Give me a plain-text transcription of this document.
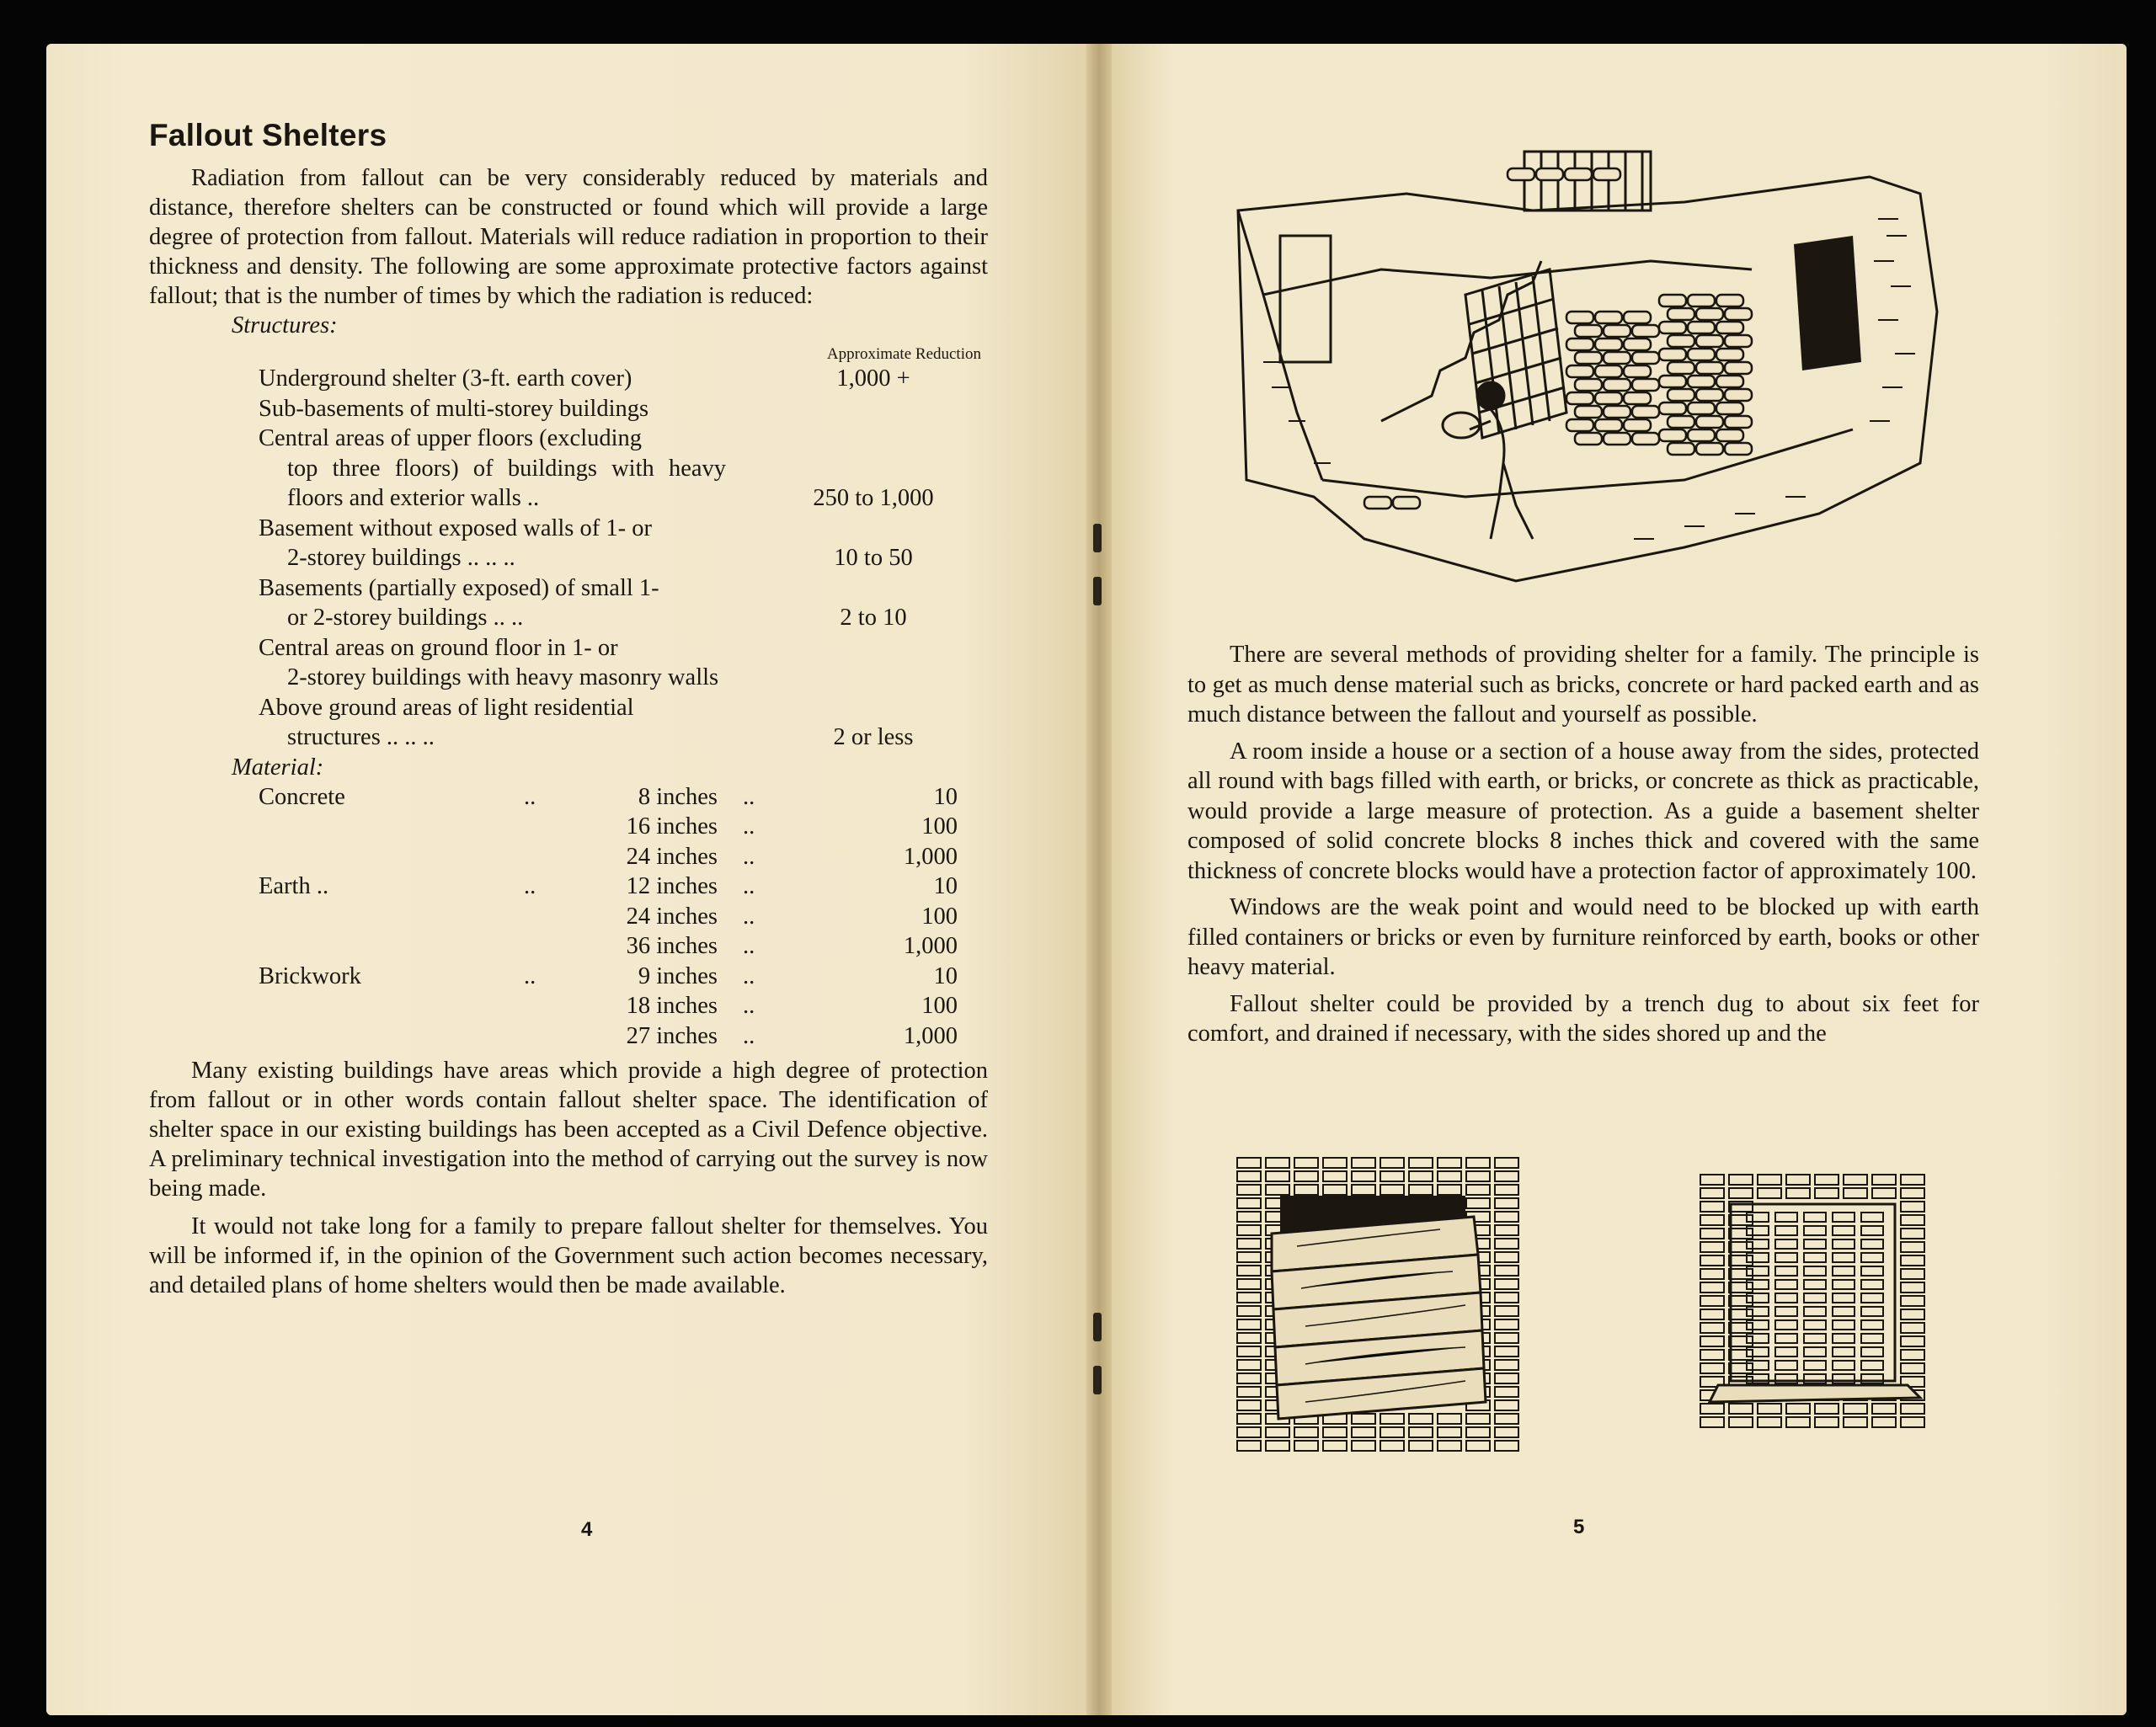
Fallout Shelters

Radiation from fallout can be very considerably reduced by materials and distance, therefore shelters can be constructed or found which will provide a large degree of protection from fallout. Materials will reduce radiation in proportion to their thickness and density. The following are some approximate protective factors against fallout; that is the number of times by which the radiation is reduced:

Structures:
Approximate Reduction
Underground shelter (3-ft. earth cover)	1,000 +
Sub-basements of multi-storey buildings
Central areas of upper floors (excluding
top three floors) of buildings with heavy floors and exterior walls ..	250 to 1,000
Basement without exposed walls of 1- or
2-storey buildings .. .. ..	10 to 50
Basements (partially exposed) of small 1-
or 2-storey buildings .. ..	2 to 10
Central areas on ground floor in 1- or
2-storey buildings with heavy masonry walls
Above ground areas of light residential
structures .. .. ..	2 or less
Material:
Concrete	..	8 inches ..	10
16 inches ..	100
24 inches ..	1,000
Earth ..	..	12 inches ..	10
24 inches ..	100
36 inches ..	1,000
Brickwork	..	9 inches ..	10
18 inches ..	100
27 inches ..	1,000

Many existing buildings have areas which provide a high degree of protection from fallout or in other words contain fallout shelter space. The identification of shelter space in our existing buildings has been accepted as a Civil Defence objective. A preliminary technical investigation into the method of carrying out the survey is now being made.

It would not take long for a family to prepare fallout shelter for themselves. You will be informed if, in the opinion of the Government such action becomes necessary, and detailed plans of home shelters would then be made available.

4

There are several methods of providing shelter for a family. The principle is to get as much dense material such as bricks, concrete or hard packed earth and as much distance between the fallout and yourself as possible.

A room inside a house or a section of a house away from the sides, protected all round with bags filled with earth, or bricks, or concrete as thick as practicable, would provide a large measure of protection. As a guide a basement shelter composed of solid concrete blocks 8 inches thick and covered with the same thickness of concrete blocks would have a protection factor of approximately 100.

Windows are the weak point and would need to be blocked up with earth filled containers or bricks or even by furniture reinforced by earth, books or other heavy material.

Fallout shelter could be provided by a trench dug to about six feet for comfort, and drained if necessary, with the sides shored up and the

5
